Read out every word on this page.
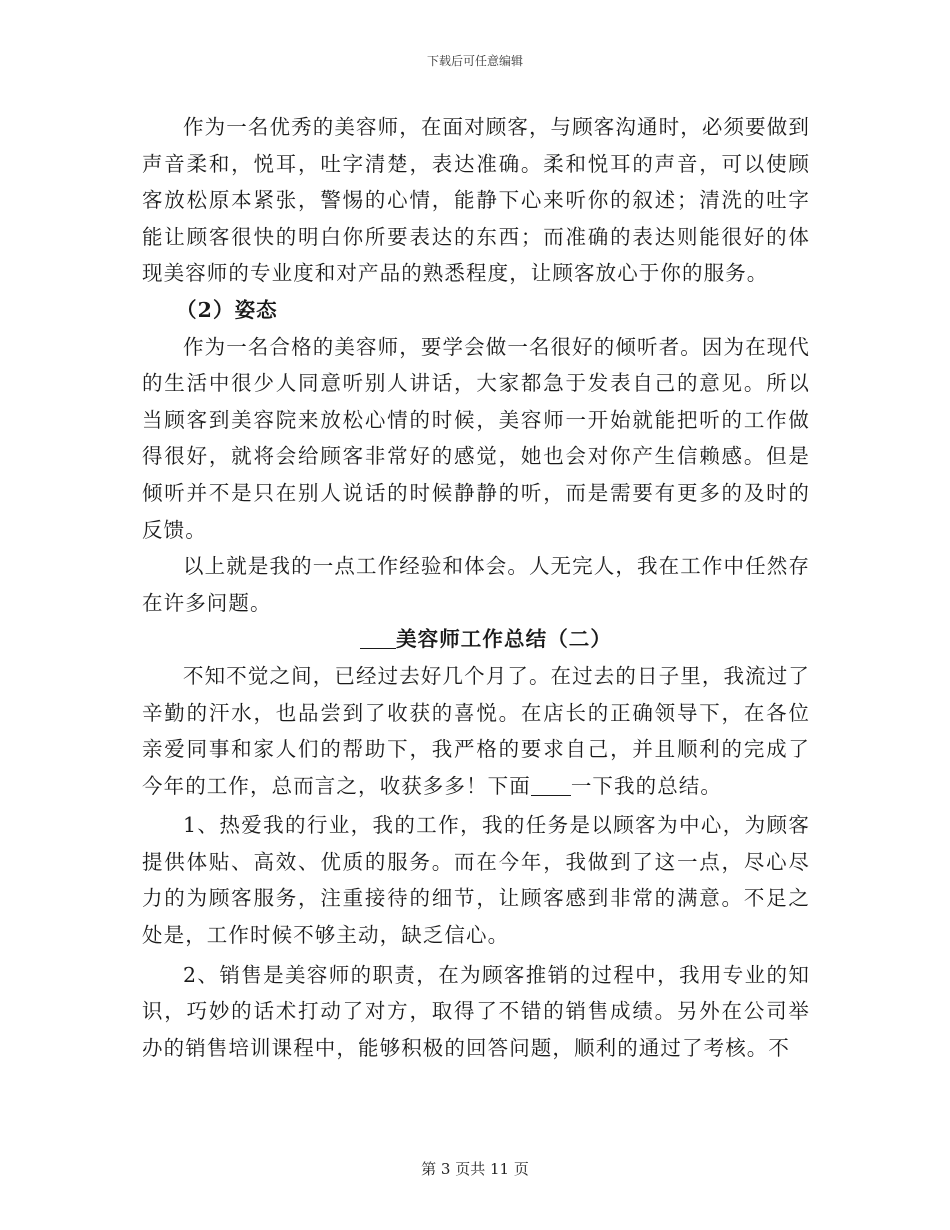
下载后可任意编辑

作为一名优秀的美容师，在面对顾客，与顾客沟通时，必须要做到声音柔和，悦耳，吐字清楚，表达准确。柔和悦耳的声音，可以使顾客放松原本紧张，警惕的心情，能静下心来听你的叙述；清洗的吐字能让顾客很快的明白你所要表达的东西；而准确的表达则能很好的体现美容师的专业度和对产品的熟悉程度，让顾客放心于你的服务。

（2）姿态

作为一名合格的美容师，要学会做一名很好的倾听者。因为在现代的生活中很少人同意听别人讲话，大家都急于发表自己的意见。所以当顾客到美容院来放松心情的时候，美容师一开始就能把听的工作做得很好，就将会给顾客非常好的感觉，她也会对你产生信赖感。但是倾听并不是只在别人说话的时候静静的听，而是需要有更多的及时的反馈。

以上就是我的一点工作经验和体会。人无完人，我在工作中任然存在许多问题。

美容师工作总结（二）

不知不觉之间，已经过去好几个月了。在过去的日子里，我流过了辛勤的汗水，也品尝到了收获的喜悦。在店长的正确领导下，在各位亲爱同事和家人们的帮助下，我严格的要求自己，并且顺利的完成了今年的工作，总而言之，收获多多！下面 一下我的总结。

1、热爱我的行业，我的工作，我的任务是以顾客为中心，为顾客提供体贴、高效、优质的服务。而在今年，我做到了这一点，尽心尽力的为顾客服务，注重接待的细节，让顾客感到非常的满意。不足之处是，工作时候不够主动，缺乏信心。

2、销售是美容师的职责，在为顾客推销的过程中，我用专业的知识，巧妙的话术打动了对方，取得了不错的销售成绩。另外在公司举办的销售培训课程中，能够积极的回答问题，顺利的通过了考核。不

第 3 页共 11 页
